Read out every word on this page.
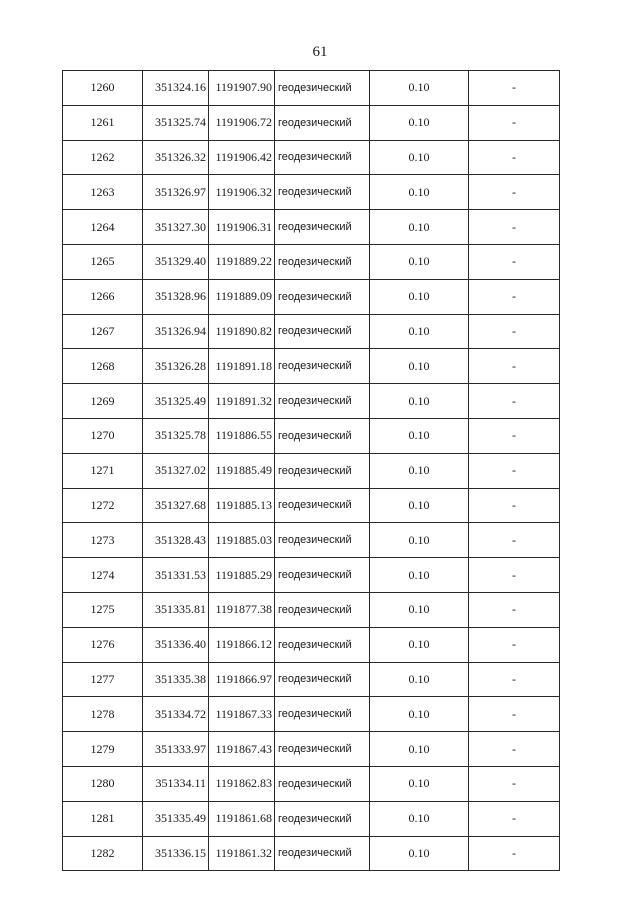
61
1260	351324.16	1191907.90	геодезический	0.10	-
1261	351325.74	1191906.72	геодезический	0.10	-
1262	351326.32	1191906.42	геодезический	0.10	-
1263	351326.97	1191906.32	геодезический	0.10	-
1264	351327.30	1191906.31	геодезический	0.10	-
1265	351329.40	1191889.22	геодезический	0.10	-
1266	351328.96	1191889.09	геодезический	0.10	-
1267	351326.94	1191890.82	геодезический	0.10	-
1268	351326.28	1191891.18	геодезический	0.10	-
1269	351325.49	1191891.32	геодезический	0.10	-
1270	351325.78	1191886.55	геодезический	0.10	-
1271	351327.02	1191885.49	геодезический	0.10	-
1272	351327.68	1191885.13	геодезический	0.10	-
1273	351328.43	1191885.03	геодезический	0.10	-
1274	351331.53	1191885.29	геодезический	0.10	-
1275	351335.81	1191877.38	геодезический	0.10	-
1276	351336.40	1191866.12	геодезический	0.10	-
1277	351335.38	1191866.97	геодезический	0.10	-
1278	351334.72	1191867.33	геодезический	0.10	-
1279	351333.97	1191867.43	геодезический	0.10	-
1280	351334.11	1191862.83	геодезический	0.10	-
1281	351335.49	1191861.68	геодезический	0.10	-
1282	351336.15	1191861.32	геодезический	0.10	-
